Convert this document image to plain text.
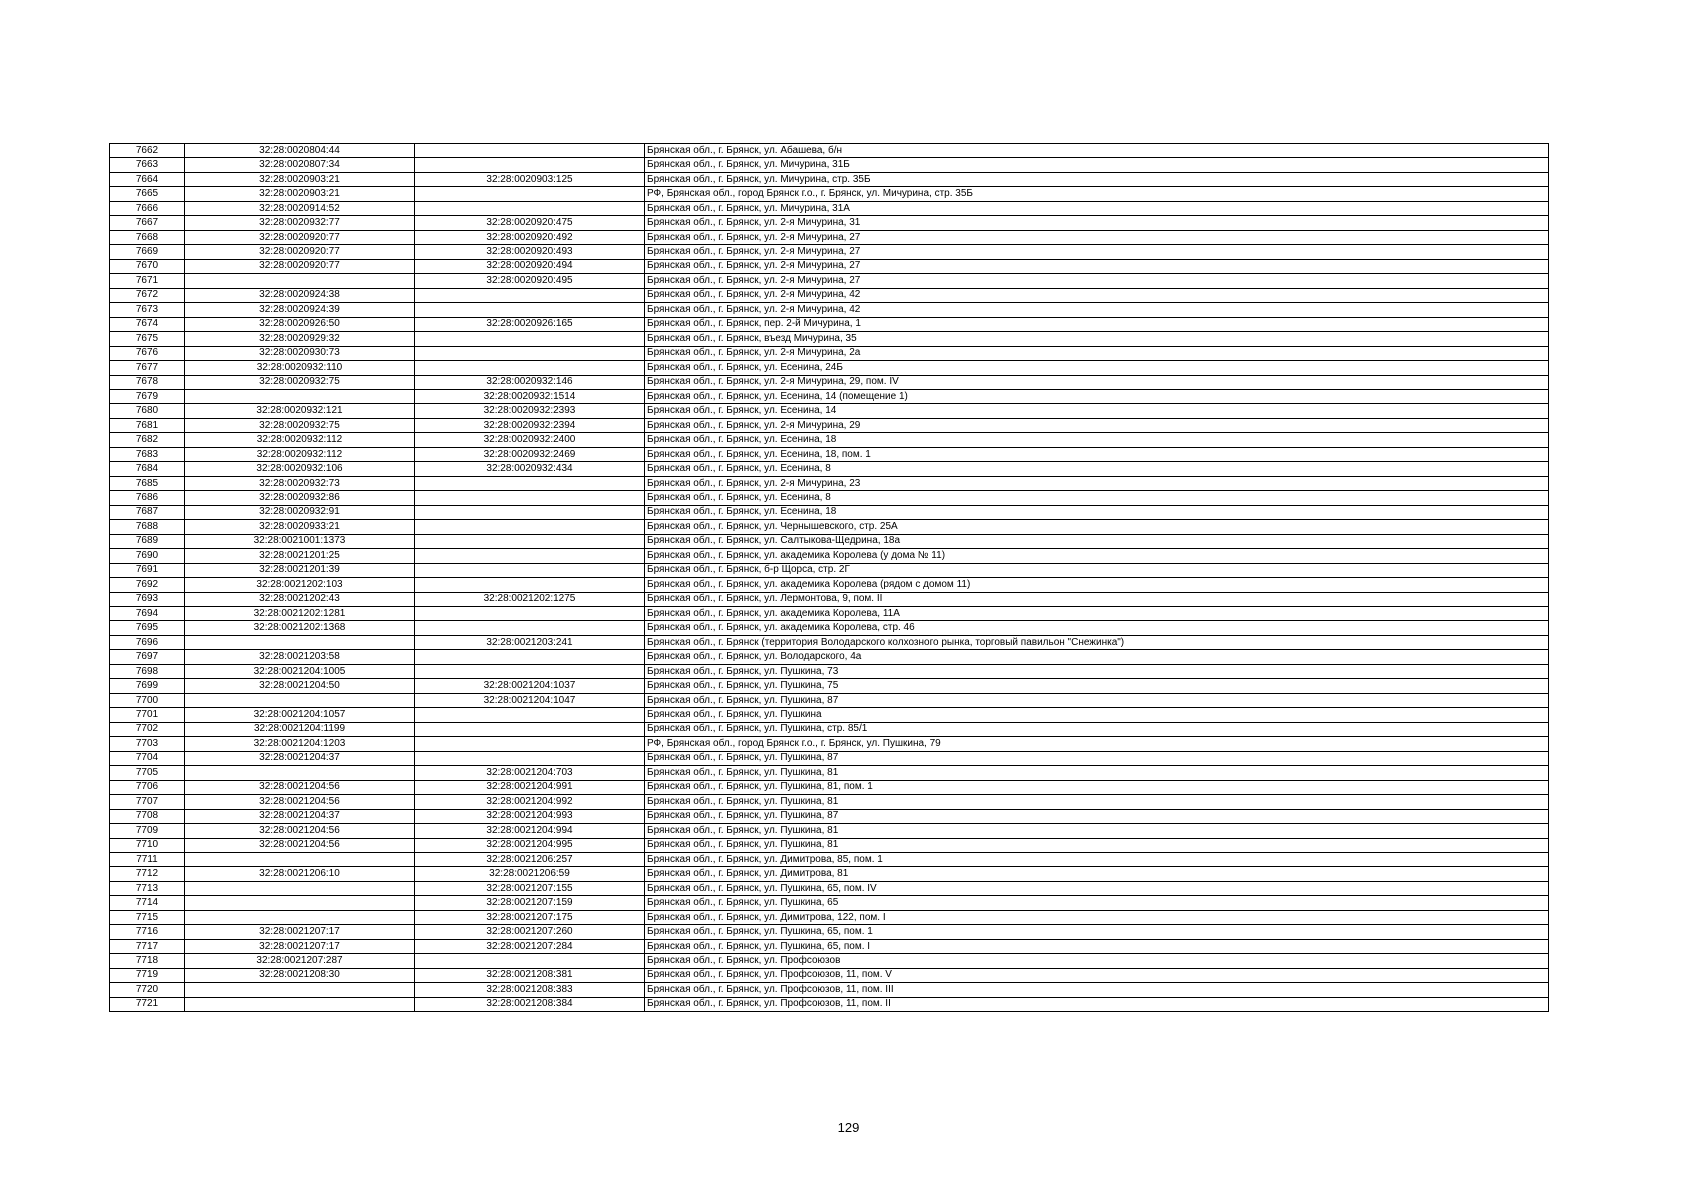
7662	32:28:0020804:44		Брянская обл., г. Брянск, ул. Абашева, б/н
7663	32:28:0020807:34		Брянская обл., г. Брянск, ул. Мичурина, 31Б
7664	32:28:0020903:21	32:28:0020903:125	Брянская обл., г. Брянск, ул. Мичурина, стр. 35Б
7665	32:28:0020903:21		РФ, Брянская обл., город Брянск г.о., г. Брянск, ул. Мичурина, стр. 35Б
7666	32:28:0020914:52		Брянская обл., г. Брянск, ул. Мичурина, 31А
7667	32:28:0020932:77	32:28:0020920:475	Брянская обл., г. Брянск, ул. 2-я Мичурина, 31
7668	32:28:0020920:77	32:28:0020920:492	Брянская обл., г. Брянск, ул. 2-я Мичурина, 27
7669	32:28:0020920:77	32:28:0020920:493	Брянская обл., г. Брянск, ул. 2-я Мичурина, 27
7670	32:28:0020920:77	32:28:0020920:494	Брянская обл., г. Брянск, ул. 2-я Мичурина, 27
7671		32:28:0020920:495	Брянская обл., г. Брянск, ул. 2-я Мичурина, 27
7672	32:28:0020924:38		Брянская обл., г. Брянск, ул. 2-я Мичурина, 42
7673	32:28:0020924:39		Брянская обл., г. Брянск, ул. 2-я Мичурина, 42
7674	32:28:0020926:50	32:28:0020926:165	Брянская обл., г. Брянск, пер. 2-й Мичурина, 1
7675	32:28:0020929:32		Брянская обл., г. Брянск, въезд Мичурина, 35
7676	32:28:0020930:73		Брянская обл., г. Брянск, ул. 2-я Мичурина, 2а
7677	32:28:0020932:110		Брянская обл., г. Брянск, ул. Есенина, 24Б
7678	32:28:0020932:75	32:28:0020932:146	Брянская обл., г. Брянск, ул. 2-я Мичурина, 29, пом. IV
7679		32:28:0020932:1514	Брянская обл., г. Брянск, ул. Есенина, 14 (помещение 1)
7680	32:28:0020932:121	32:28:0020932:2393	Брянская обл., г. Брянск, ул. Есенина, 14
7681	32:28:0020932:75	32:28:0020932:2394	Брянская обл., г. Брянск, ул. 2-я Мичурина, 29
7682	32:28:0020932:112	32:28:0020932:2400	Брянская обл., г. Брянск, ул. Есенина, 18
7683	32:28:0020932:112	32:28:0020932:2469	Брянская обл., г. Брянск, ул. Есенина, 18, пом. 1
7684	32:28:0020932:106	32:28:0020932:434	Брянская обл., г. Брянск, ул. Есенина, 8
7685	32:28:0020932:73		Брянская обл., г. Брянск, ул. 2-я Мичурина, 23
7686	32:28:0020932:86		Брянская обл., г. Брянск, ул. Есенина, 8
7687	32:28:0020932:91		Брянская обл., г. Брянск, ул. Есенина, 18
7688	32:28:0020933:21		Брянская обл., г. Брянск, ул. Чернышевского, стр. 25А
7689	32:28:0021001:1373		Брянская обл., г. Брянск, ул. Салтыкова-Щедрина, 18а
7690	32:28:0021201:25		Брянская обл., г. Брянск, ул. академика Королева (у дома № 11)
7691	32:28:0021201:39		Брянская обл., г. Брянск, б-р Щорса, стр. 2Г
7692	32:28:0021202:103		Брянская обл., г. Брянск, ул. академика Королева (рядом с домом 11)
7693	32:28:0021202:43	32:28:0021202:1275	Брянская обл., г. Брянск, ул. Лермонтова, 9, пом. II
7694	32:28:0021202:1281		Брянская обл., г. Брянск, ул. академика Королева, 11А
7695	32:28:0021202:1368		Брянская обл., г. Брянск, ул. академика Королева, стр. 46
7696		32:28:0021203:241	Брянская обл., г. Брянск (территория Володарского колхозного рынка, торговый павильон "Снежинка")
7697	32:28:0021203:58		Брянская обл., г. Брянск, ул. Володарского, 4а
7698	32:28:0021204:1005		Брянская обл., г. Брянск, ул. Пушкина, 73
7699	32:28:0021204:50	32:28:0021204:1037	Брянская обл., г. Брянск, ул. Пушкина, 75
7700		32:28:0021204:1047	Брянская обл., г. Брянск, ул. Пушкина, 87
7701	32:28:0021204:1057		Брянская обл., г. Брянск, ул. Пушкина
7702	32:28:0021204:1199		Брянская обл., г. Брянск, ул. Пушкина, стр. 85/1
7703	32:28:0021204:1203		РФ, Брянская обл., город Брянск г.о., г. Брянск, ул. Пушкина, 79
7704	32:28:0021204:37		Брянская обл., г. Брянск, ул. Пушкина, 87
7705		32:28:0021204:703	Брянская обл., г. Брянск, ул. Пушкина, 81
7706	32:28:0021204:56	32:28:0021204:991	Брянская обл., г. Брянск, ул. Пушкина, 81, пом. 1
7707	32:28:0021204:56	32:28:0021204:992	Брянская обл., г. Брянск, ул. Пушкина, 81
7708	32:28:0021204:37	32:28:0021204:993	Брянская обл., г. Брянск, ул. Пушкина, 87
7709	32:28:0021204:56	32:28:0021204:994	Брянская обл., г. Брянск, ул. Пушкина, 81
7710	32:28:0021204:56	32:28:0021204:995	Брянская обл., г. Брянск, ул. Пушкина, 81
7711		32:28:0021206:257	Брянская обл., г. Брянск, ул. Димитрова, 85, пом. 1
7712	32:28:0021206:10	32:28:0021206:59	Брянская обл., г. Брянск, ул. Димитрова, 81
7713		32:28:0021207:155	Брянская обл., г. Брянск, ул. Пушкина, 65, пом. IV
7714		32:28:0021207:159	Брянская обл., г. Брянск, ул. Пушкина, 65
7715		32:28:0021207:175	Брянская обл., г. Брянск, ул. Димитрова, 122, пом. I
7716	32:28:0021207:17	32:28:0021207:260	Брянская обл., г. Брянск, ул. Пушкина, 65, пом. 1
7717	32:28:0021207:17	32:28:0021207:284	Брянская обл., г. Брянск, ул. Пушкина, 65, пом. I
7718	32:28:0021207:287		Брянская обл., г. Брянск, ул. Профсоюзов
7719	32:28:0021208:30	32:28:0021208:381	Брянская обл., г. Брянск, ул. Профсоюзов, 11, пом. V
7720		32:28:0021208:383	Брянская обл., г. Брянск, ул. Профсоюзов, 11, пом. III
7721		32:28:0021208:384	Брянская обл., г. Брянск, ул. Профсоюзов, 11, пом. II
129
